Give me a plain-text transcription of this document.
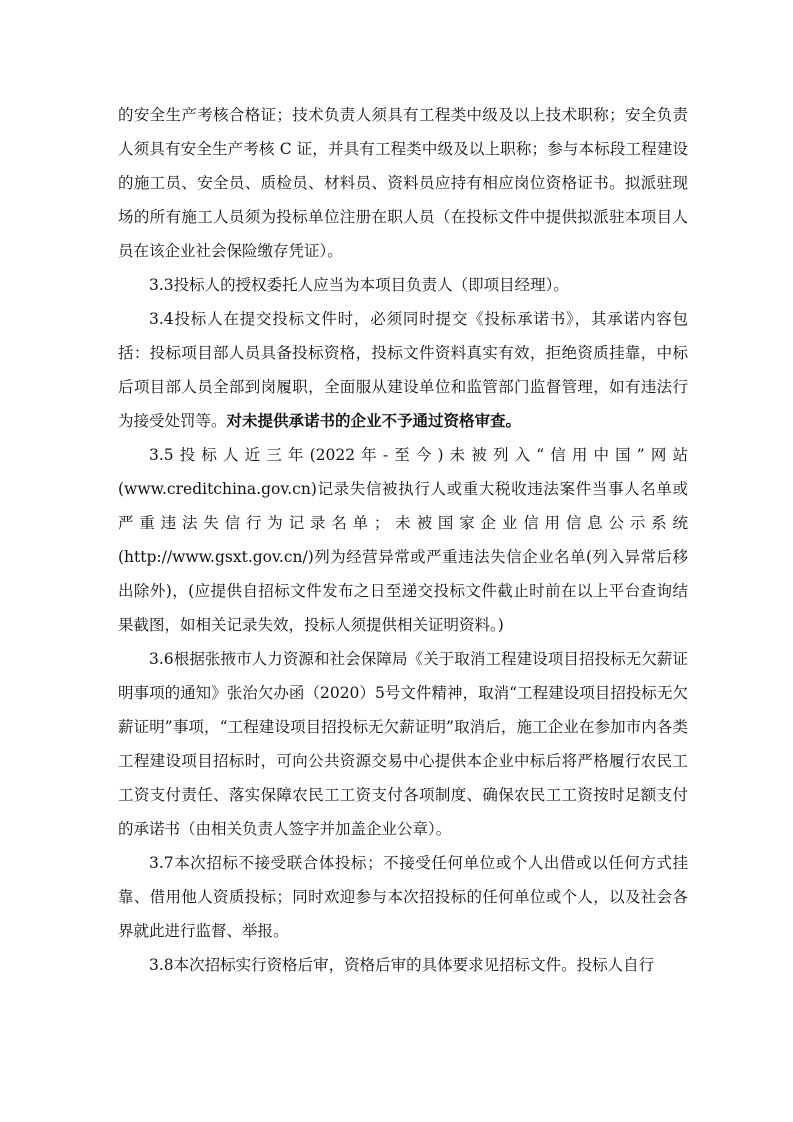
的安全生产考核合格证；技术负责人须具有工程类中级及以上技术职称；安全负责人须具有安全生产考核 C 证，并具有工程类中级及以上职称；参与本标段工程建设的施工员、安全员、质检员、材料员、资料员应持有相应岗位资格证书。拟派驻现场的所有施工人员须为投标单位注册在职人员（在投标文件中提供拟派驻本项目人员在该企业社会保险缴存凭证）。

3.3投标人的授权委托人应当为本项目负责人（即项目经理）。

3.4投标人在提交投标文件时，必须同时提交《投标承诺书》，其承诺内容包括：投标项目部人员具备投标资格，投标文件资料真实有效，拒绝资质挂靠，中标后项目部人员全部到岗履职，全面服从建设单位和监管部门监督管理，如有违法行为接受处罚等。对未提供承诺书的企业不予通过资格审查。

3.5投标人近三年(2022年-至今)未被列入“信用中国”网站(www.creditchina.gov.cn)记录失信被执行人或重大税收违法案件当事人名单或严重违法失信行为记录名单；未被国家企业信用信息公示系统(http://www.gsxt.gov.cn/)列为经营异常或严重违法失信企业名单(列入异常后移出除外)，(应提供自招标文件发布之日至递交投标文件截止时前在以上平台查询结果截图，如相关记录失效，投标人须提供相关证明资料。)

3.6根据张掖市人力资源和社会保障局《关于取消工程建设项目招投标无欠薪证明事项的通知》张治欠办函（2020）5号文件精神，取消“工程建设项目招投标无欠薪证明”事项，“工程建设项目招投标无欠薪证明”取消后，施工企业在参加市内各类工程建设项目招标时，可向公共资源交易中心提供本企业中标后将严格履行农民工工资支付责任、落实保障农民工工资支付各项制度、确保农民工工资按时足额支付的承诺书（由相关负责人签字并加盖企业公章）。

3.7本次招标不接受联合体投标；不接受任何单位或个人出借或以任何方式挂靠、借用他人资质投标；同时欢迎参与本次招投标的任何单位或个人，以及社会各界就此进行监督、举报。

3.8本次招标实行资格后审，资格后审的具体要求见招标文件。投标人自行
